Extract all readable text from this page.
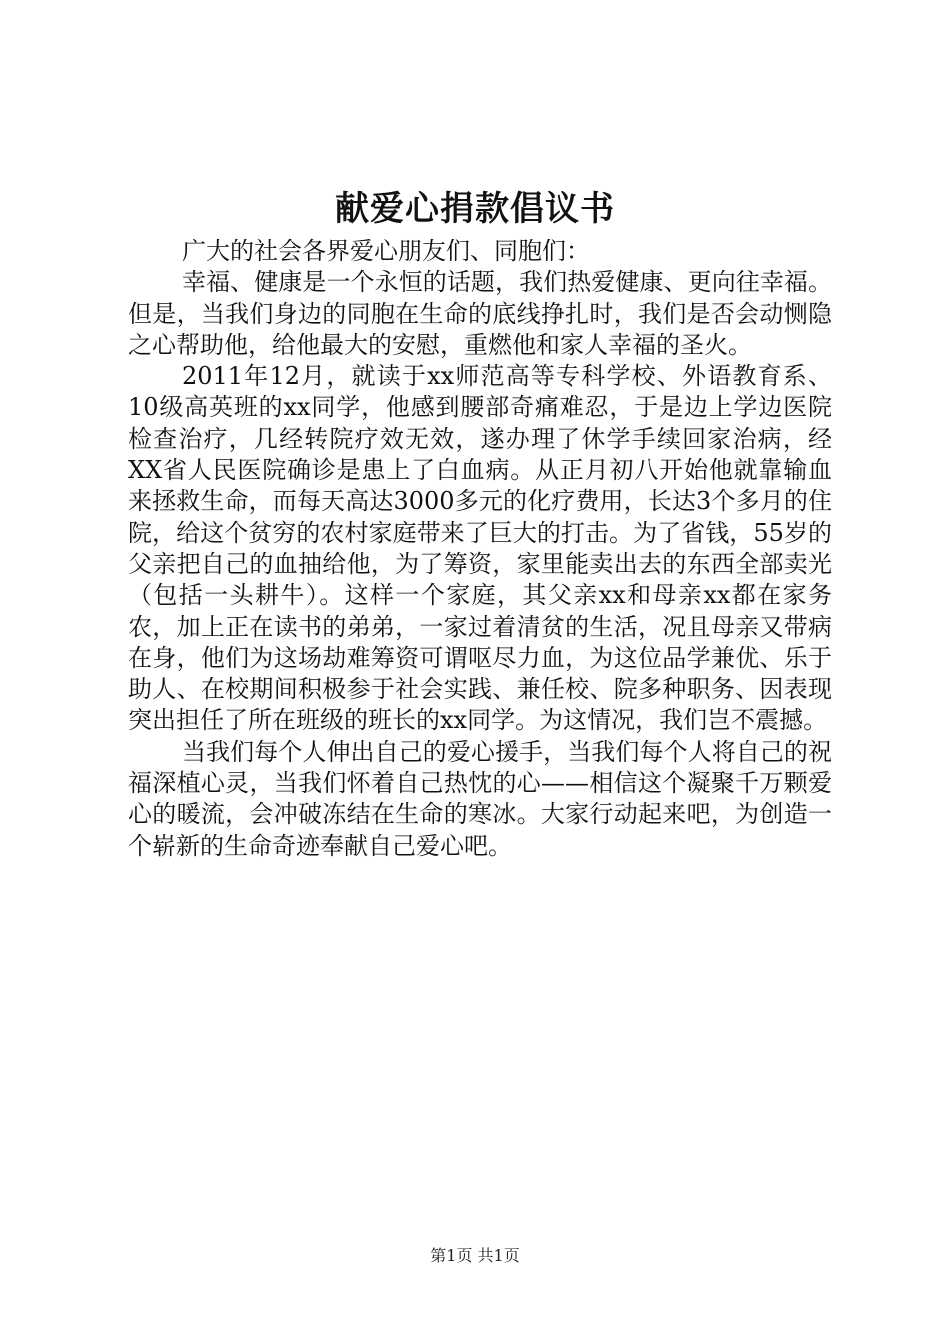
献爱心捐款倡议书

广大的社会各界爱心朋友们、同胞们：

幸福、健康是一个永恒的话题，我们热爱健康、更向往幸福。但是，当我们身边的同胞在生命的底线挣扎时，我们是否会动恻隐之心帮助他，给他最大的安慰，重燃他和家人幸福的圣火。

2011年12月，就读于xx师范高等专科学校、外语教育系、10级高英班的xx同学，他感到腰部奇痛难忍，于是边上学边医院检查治疗，几经转院疗效无效，遂办理了休学手续回家治病，经XX省人民医院确诊是患上了白血病。从正月初八开始他就靠输血来拯救生命，而每天高达3000多元的化疗费用，长达3个多月的住院，给这个贫穷的农村家庭带来了巨大的打击。为了省钱，55岁的父亲把自己的血抽给他，为了筹资，家里能卖出去的东西全部卖光（包括一头耕牛）。这样一个家庭，其父亲xx和母亲xx都在家务农，加上正在读书的弟弟，一家过着清贫的生活，况且母亲又带病在身，他们为这场劫难筹资可谓呕尽力血，为这位品学兼优、乐于助人、在校期间积极参于社会实践、兼任校、院多种职务、因表现突出担任了所在班级的班长的xx同学。为这情况，我们岂不震撼。

当我们每个人伸出自己的爱心援手，当我们每个人将自己的祝福深植心灵，当我们怀着自己热忱的心——相信这个凝聚千万颗爱心的暖流，会冲破冻结在生命的寒冰。大家行动起来吧，为创造一个崭新的生命奇迹奉献自己爱心吧。

第1页 共1页
